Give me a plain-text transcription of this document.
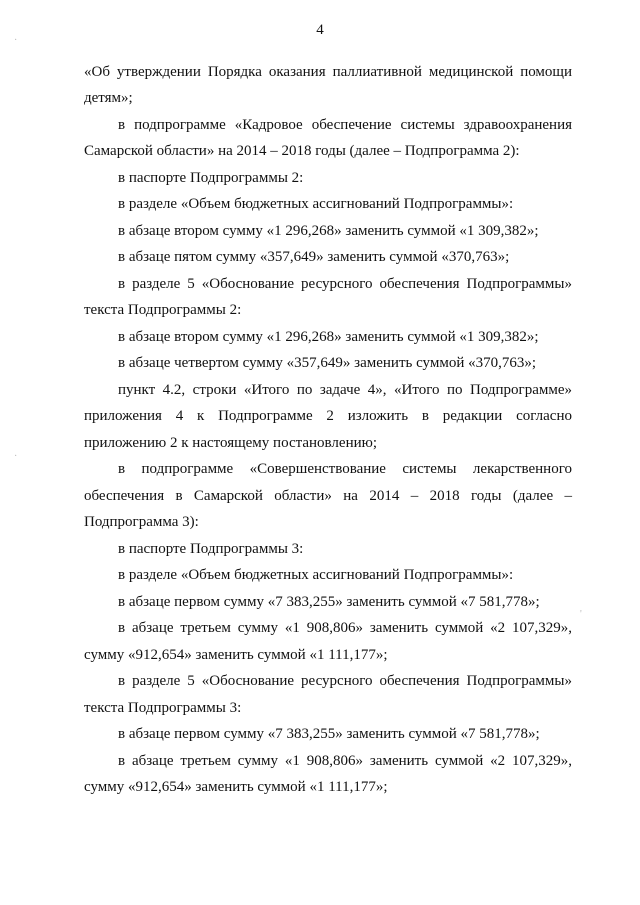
4
«Об утверждении Порядка оказания паллиативной медицинской помощи
детям»;
в подпрограмме «Кадровое обеспечение системы здравоохранения
Самарской области» на 2014 – 2018 годы (далее – Подпрограмма 2):
в паспорте Подпрограммы 2:
в разделе «Объем бюджетных ассигнований Подпрограммы»:
в абзаце втором сумму «1 296,268» заменить суммой «1 309,382»;
в абзаце пятом сумму «357,649» заменить суммой «370,763»;
в разделе 5 «Обоснование ресурсного обеспечения Подпрограммы»
текста Подпрограммы 2:
в абзаце втором сумму «1 296,268» заменить суммой «1 309,382»;
в абзаце четвертом сумму «357,649» заменить суммой «370,763»;
пункт 4.2, строки «Итого по задаче 4», «Итого по Подпрограмме»
приложения 4 к Подпрограмме 2 изложить в редакции согласно
приложению 2 к настоящему постановлению;
в подпрограмме «Совершенствование системы лекарственного
обеспечения в Самарской области» на 2014 – 2018 годы (далее –
Подпрограмма 3):
в паспорте Подпрограммы 3:
в разделе «Объем бюджетных ассигнований Подпрограммы»:
в абзаце первом сумму «7 383,255» заменить суммой «7 581,778»;
в абзаце третьем сумму «1 908,806» заменить суммой «2 107,329»,
сумму «912,654» заменить суммой «1 111,177»;
в разделе 5 «Обоснование ресурсного обеспечения Подпрограммы»
текста Подпрограммы 3:
в абзаце первом сумму «7 383,255» заменить суммой «7 581,778»;
в абзаце третьем сумму «1 908,806» заменить суммой «2 107,329»,
сумму «912,654» заменить суммой «1 111,177»;
·
'
·
